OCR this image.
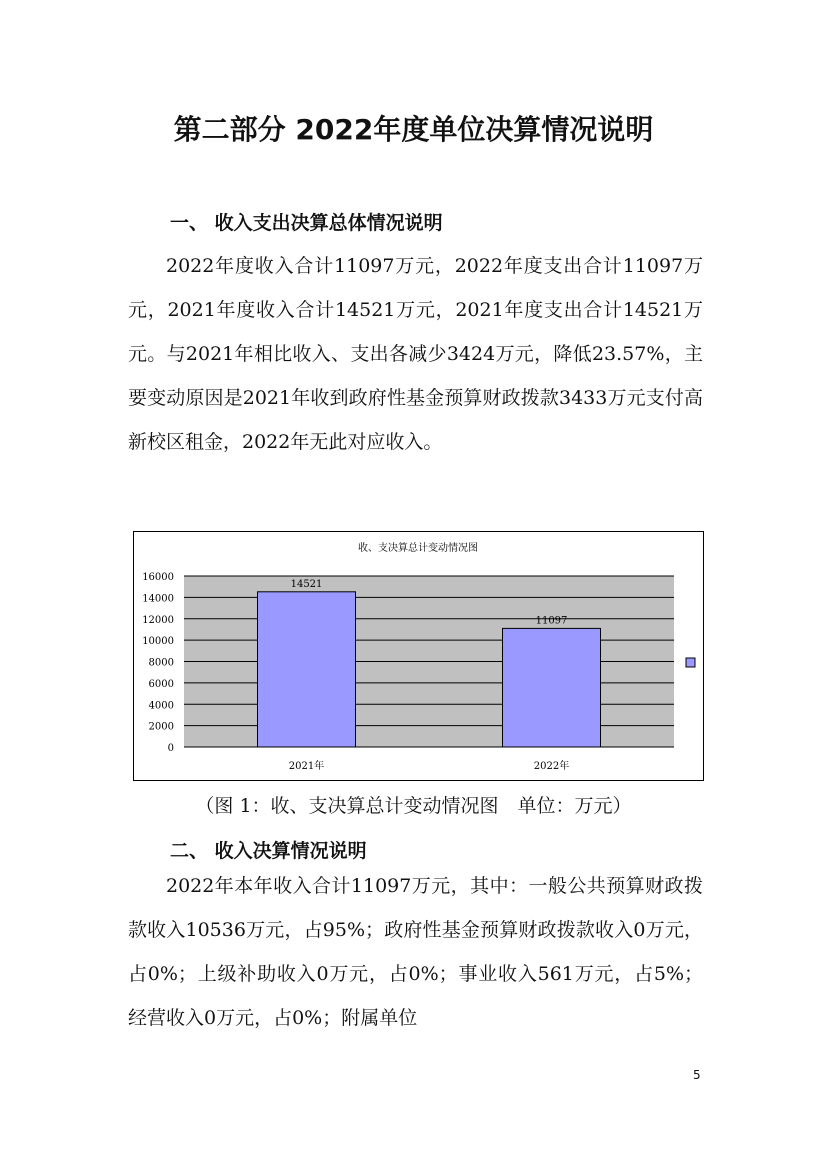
第二部分 2022年度单位决算情况说明
一、 收入支出决算总体情况说明

2022年度收入合计11097万元，2022年度支出合计11097万元，2021年度收入合计14521万元，2021年度支出合计14521万元。与2021年相比收入、支出各减少3424万元，降低23.57%，主要变动原因是2021年收到政府性基金预算财政拨款3433万元支付高新校区租金，2022年无此对应收入。

收、支决算总计变动情况图
14521
11097
0
2000
4000
6000
8000
10000
12000
14000
16000
2021年	2022年
（图 1：收、支决算总计变动情况图　单位：万元）
二、 收入决算情况说明

2022年本年收入合计11097万元，其中：一般公共预算财政拨款收入10536万元，占95%；政府性基金预算财政拨款收入0万元，占0%；上级补助收入0万元，占0%；事业收入561万元，占5%；经营收入0万元，占0%；附属单位

5
